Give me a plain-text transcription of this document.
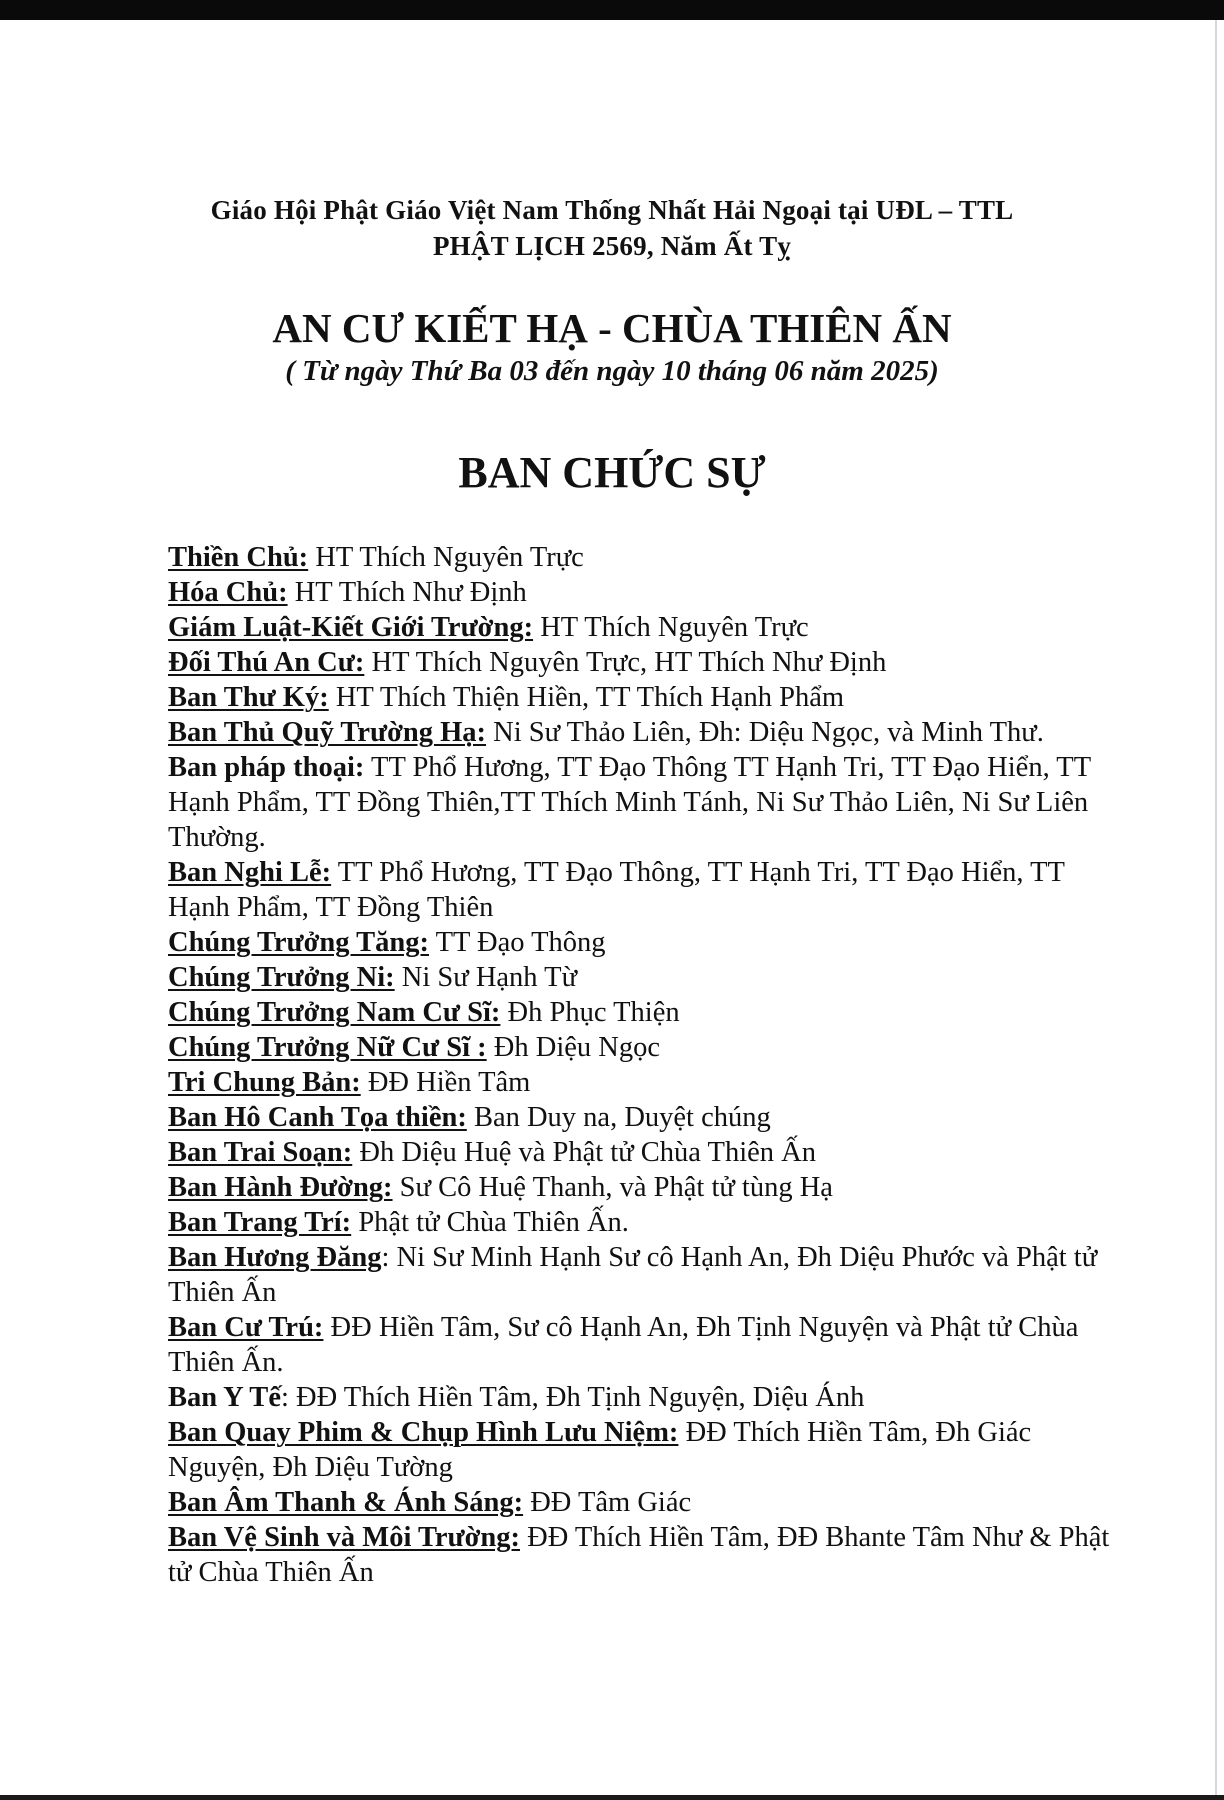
Giáo Hội Phật Giáo Việt Nam Thống Nhất Hải Ngoại tại UĐL – TTL
PHẬT LỊCH 2569, Năm Ất Tỵ
AN CƯ KIẾT HẠ - CHÙA THIÊN ẤN
( Từ ngày Thứ Ba 03 đến ngày 10 tháng 06 năm 2025)
BAN CHỨC SỰ

Thiền Chủ: HT Thích Nguyên Trực

Hóa Chủ: HT Thích Như Định

Giám Luật-Kiết Giới Trường: HT Thích Nguyên Trực

Đối Thú An Cư: HT Thích Nguyên Trực, HT Thích Như Định

Ban Thư Ký: HT Thích Thiện Hiền, TT Thích Hạnh Phẩm

Ban Thủ Quỹ Trường Hạ: Ni Sư Thảo Liên, Đh: Diệu Ngọc, và Minh Thư.

Ban pháp thoại: TT Phổ Hương, TT Đạo Thông TT Hạnh Tri, TT Đạo Hiển, TT Hạnh Phẩm, TT Đồng Thiên,TT Thích Minh Tánh, Ni Sư Thảo Liên, Ni Sư Liên Thường.

Ban Nghi Lễ: TT Phổ Hương, TT Đạo Thông, TT Hạnh Tri, TT Đạo Hiển, TT Hạnh Phẩm, TT Đồng Thiên

Chúng Trưởng Tăng: TT Đạo Thông

Chúng Trưởng Ni: Ni Sư Hạnh Từ

Chúng Trưởng Nam Cư Sĩ: Đh Phục Thiện

Chúng Trưởng Nữ Cư Sĩ : Đh Diệu Ngọc

Tri Chung Bản: ĐĐ Hiền Tâm

Ban Hô Canh Tọa thiền: Ban Duy na, Duyệt chúng

Ban Trai Soạn: Đh Diệu Huệ và Phật tử Chùa Thiên Ấn

Ban Hành Đường: Sư Cô Huệ Thanh, và Phật tử tùng Hạ

Ban Trang Trí: Phật tử Chùa Thiên Ấn.

Ban Hương Đăng: Ni Sư Minh Hạnh Sư cô Hạnh An, Đh Diệu Phước và Phật tử Thiên Ấn

Ban Cư Trú: ĐĐ Hiền Tâm, Sư cô Hạnh An, Đh Tịnh Nguyện và Phật tử Chùa Thiên Ấn.

Ban Y Tế: ĐĐ Thích Hiền Tâm, Đh Tịnh Nguyện, Diệu Ánh

Ban Quay Phim & Chụp Hình Lưu Niệm: ĐĐ Thích Hiền Tâm, Đh Giác Nguyện, Đh Diệu Tường

Ban Âm Thanh & Ánh Sáng: ĐĐ Tâm Giác

Ban Vệ Sinh và Môi Trường: ĐĐ Thích Hiền Tâm, ĐĐ Bhante Tâm Như & Phật tử Chùa Thiên Ấn
